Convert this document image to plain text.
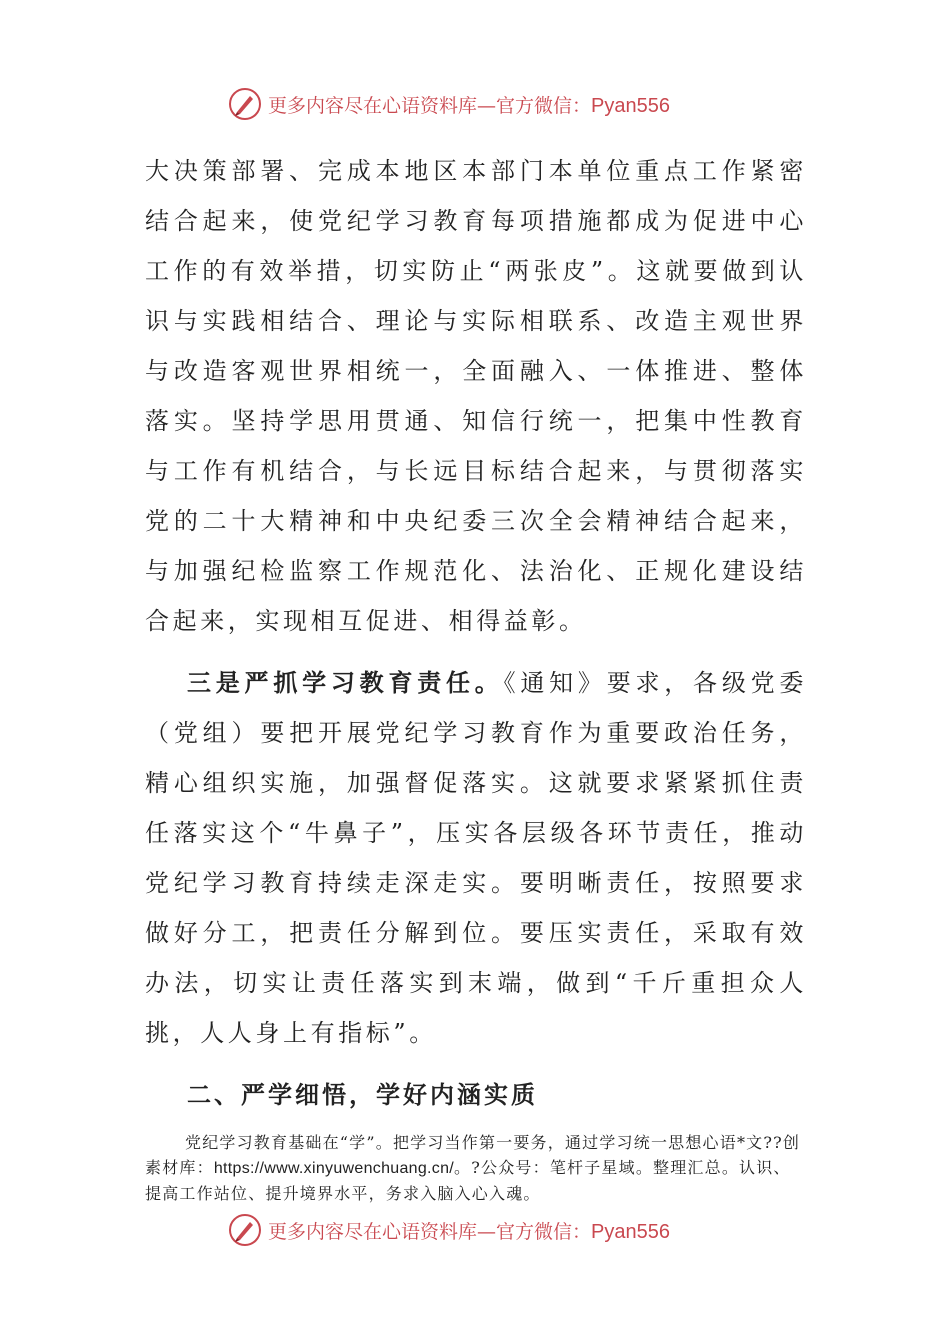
更多内容尽在心语资料库—官方微信：Pyan556

大决策部署、完成本地区本部门本单位重点工作紧密结合起来，使党纪学习教育每项措施都成为促进中心工作的有效举措，切实防止“两张皮”。这就要做到认识与实践相结合、理论与实际相联系、改造主观世界与改造客观世界相统一，全面融入、一体推进、整体落实。坚持学思用贯通、知信行统一，把集中性教育与工作有机结合，与长远目标结合起来，与贯彻落实党的二十大精神和中央纪委三次全会精神结合起来，与加强纪检监察工作规范化、法治化、正规化建设结合起来，实现相互促进、相得益彰。

三是严抓学习教育责任。《通知》要求，各级党委（党组）要把开展党纪学习教育作为重要政治任务，精心组织实施，加强督促落实。这就要求紧紧抓住责任落实这个“牛鼻子”，压实各层级各环节责任，推动党纪学习教育持续走深走实。要明晰责任，按照要求做好分工，把责任分解到位。要压实责任，采取有效办法，切实让责任落实到末端，做到“千斤重担众人挑，人人身上有指标”。

二、严学细悟，学好内涵实质

党纪学习教育基础在“学”。把学习当作第一要务，通过学习统一思想心语*文??创素材库：https://www.xinyuwenchuang.cn/。?公众号：笔杆子星域。整理汇总。认识、提高工作站位、提升境界水平，务求入脑入心入魂。

更多内容尽在心语资料库—官方微信：Pyan556
